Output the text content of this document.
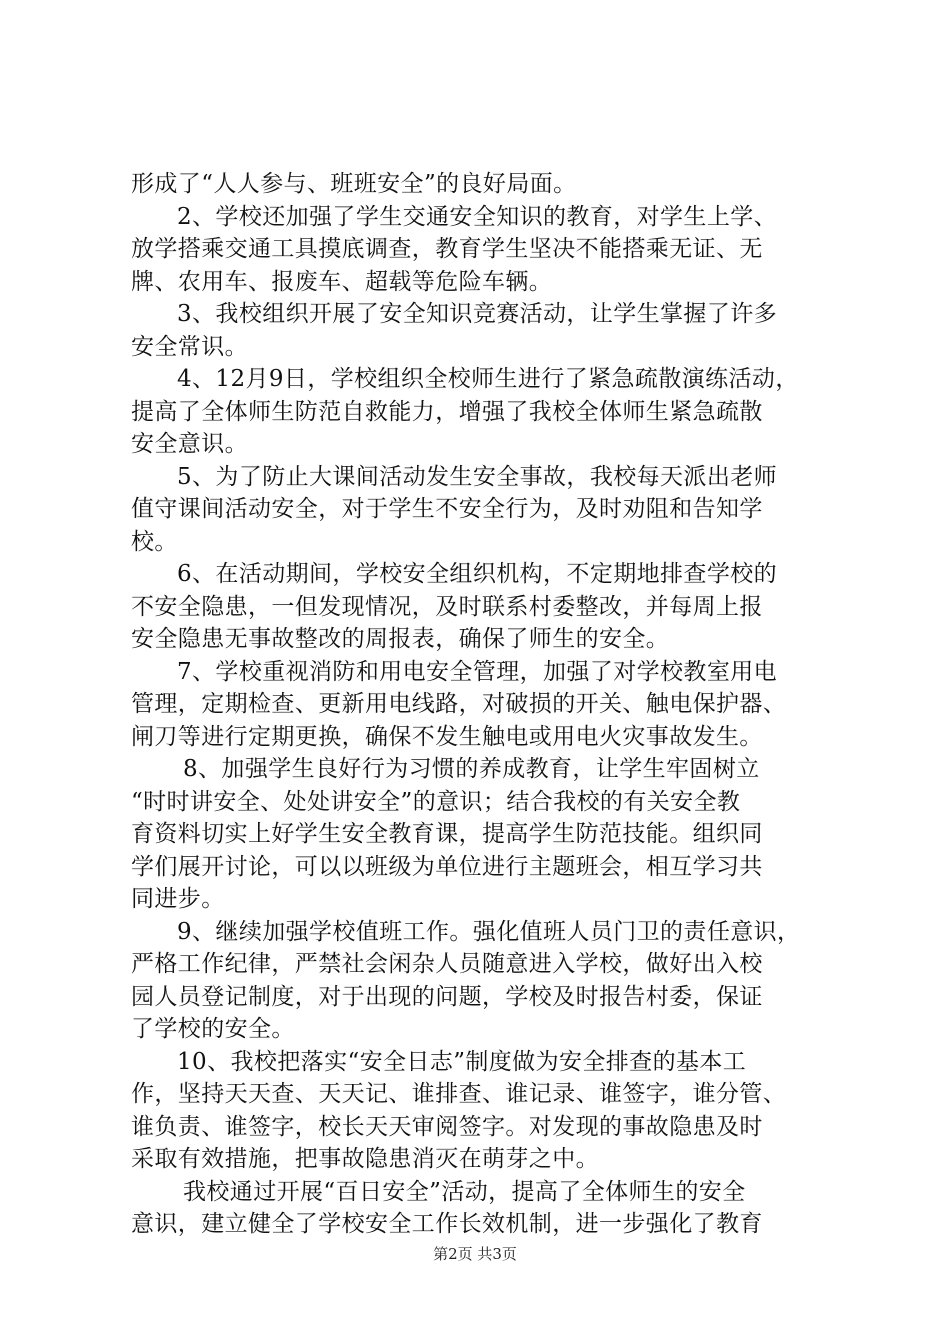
形成了“人人参与、班班安全”的良好局面。
2、学校还加强了学生交通安全知识的教育，对学生上学、
放学搭乘交通工具摸底调查，教育学生坚决不能搭乘无证、无
牌、农用车、报废车、超载等危险车辆。
3、我校组织开展了安全知识竞赛活动，让学生掌握了许多
安全常识。
4、12月9日，学校组织全校师生进行了紧急疏散演练活动，
提高了全体师生防范自救能力，增强了我校全体师生紧急疏散
安全意识。
5、为了防止大课间活动发生安全事故，我校每天派出老师
值守课间活动安全，对于学生不安全行为，及时劝阻和告知学
校。
6、在活动期间，学校安全组织机构，不定期地排查学校的
不安全隐患，一但发现情况，及时联系村委整改，并每周上报
安全隐患无事故整改的周报表，确保了师生的安全。
7、学校重视消防和用电安全管理，加强了对学校教室用电
管理，定期检查、更新用电线路，对破损的开关、触电保护器、
闸刀等进行定期更换，确保不发生触电或用电火灾事故发生。
8、加强学生良好行为习惯的养成教育，让学生牢固树立
“时时讲安全、处处讲安全”的意识；结合我校的有关安全教
育资料切实上好学生安全教育课，提高学生防范技能。组织同
学们展开讨论，可以以班级为单位进行主题班会，相互学习共
同进步。
9、继续加强学校值班工作。强化值班人员门卫的责任意识，
严格工作纪律，严禁社会闲杂人员随意进入学校，做好出入校
园人员登记制度，对于出现的问题，学校及时报告村委，保证
了学校的安全。
10、我校把落实“安全日志”制度做为安全排查的基本工
作，坚持天天查、天天记、谁排查、谁记录、谁签字，谁分管、
谁负责、谁签字，校长天天审阅签字。对发现的事故隐患及时
采取有效措施，把事故隐患消灭在萌芽之中。
我校通过开展“百日安全”活动，提高了全体师生的安全
意识，建立健全了学校安全工作长效机制，进一步强化了教育
第2页 共3页
